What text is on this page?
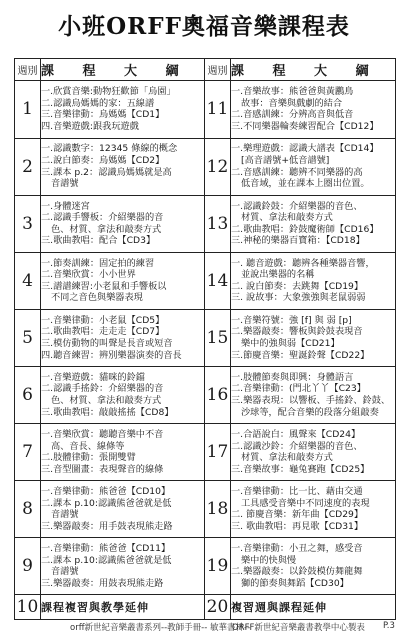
小班ORFF奧福音樂課程表
週別	課 程 大 綱	週別	課 程 大 綱
1	一.欣賞音樂:動物狂歡節「烏園」
二.認識烏媽媽的家：五線譜
三.音樂律動：烏媽媽【CD1】
四.音樂遊戲:跟我玩遊戲	11	一.音樂故事：熊爸爸與黃鸝鳥
故事：音樂與戲劇的結合
二.音感訓練：分辨高音與低音
三.不同樂器輪奏練習配合【CD12】

2	一.認識數字：12345 條線的概念
二.說白節奏：烏媽媽【CD2】
三.課本 p.2：認識烏媽媽就是高
音譜號	12	一.樂理遊戲：認識大譜表【CD14】
[高音譜號+低音譜號]
二.音感訓練：聽辨不同樂器的高
低音域，並在課本上圈出位置。

3	一.身體迷宮
二.認識手響板：介紹樂器的音
色、材質、拿法和敲奏方式
三.歌曲教唱：配合【CD3】	13	一.認識鈴鼓：介紹樂器的音色、
材質、拿法和敲奏方式
二.歌曲教唱：鈴鼓魔術師【CD16】
三.神秘的樂器百寶箱：【CD18】

4	一.節奏訓練：固定拍的練習
二.音樂欣賞：小小世界
三.譜譜練習:小老鼠和手響板以
不同之音色與樂器表現	14	一. 聽音遊戲：聽辨各種樂器音響，
並說出樂器的名稱
二. 說白節奏：去跳舞【CD19】
三. 說故事：大象強強與老鼠弱弱

5	一.音樂律動：小老鼠【CD5】
二.歌曲教唱：走走走【CD7】
三.模仿動物的叫聲是長音或短音
四.聽音練習：辨別樂器演奏的音長	15	一.音樂符號：強 [f] 與 弱 [p]
二.樂器敲奏：響板與鈴鼓表現音
樂中的強與弱【CD21】
三.節慶音樂：聖誕鈴聲【CD22】

6	一.音樂遊戲：貓咪的鈴鐺
二.認識手搖鈴：介紹樂器的音
色、材質、拿法和敲奏方式
三.歌曲教唱：敲敲搖搖【CD8】	16	一.肢體節奏與即興：身體語言
二.音樂律動：(門北丫丫【C23】
三.樂器表現：以響板、手搖鈴、鈴鼓、
沙球等，配合音樂的段落分組敲奏

7	一.音樂欣賞：聽聽音樂中不音
高、音長、線條等
二.肢體律動：張開雙臂
三.音型圖畫：表現聲音的線條	17	一.合語說白：風聲來【CD24】
二.認識沙鈴：介紹樂器的音色、
材質、拿法和敲奏方式
三.音樂故事：龜兔賽跑【CD25】

8	一.音樂律動：熊爸爸【CD10】
二.課本 p.10:認識熊爸爸就是低
音譜號
三.樂器敲奏：用手鼓表現熊走路	18	一.音樂律動：比一比、藉由交通
工具感受音樂中不同速度的表現
二. 節慶音樂：新年曲【CD29】
三. 歌曲教唱：再見歌【CD31】

9	一.音樂律動：熊爸爸【CD11】
二.課本 p.10:認識熊爸爸就是低
音譜號
三.樂器敲奏：用鼓表現熊走路	19	一.音樂律動：小丑之舞，感受音
樂中的快與慢
二.樂器敲奏：以鈴鼓模仿舞龍舞
獅的節奏與舞蹈【CD30】

10	課程複習與教學延伸	20	複習週與課程延伸
orff新世紀音樂叢書系列--教師手冊-- 敏華書林--
ORFF新世紀音樂叢書教學中心製表 P.3
